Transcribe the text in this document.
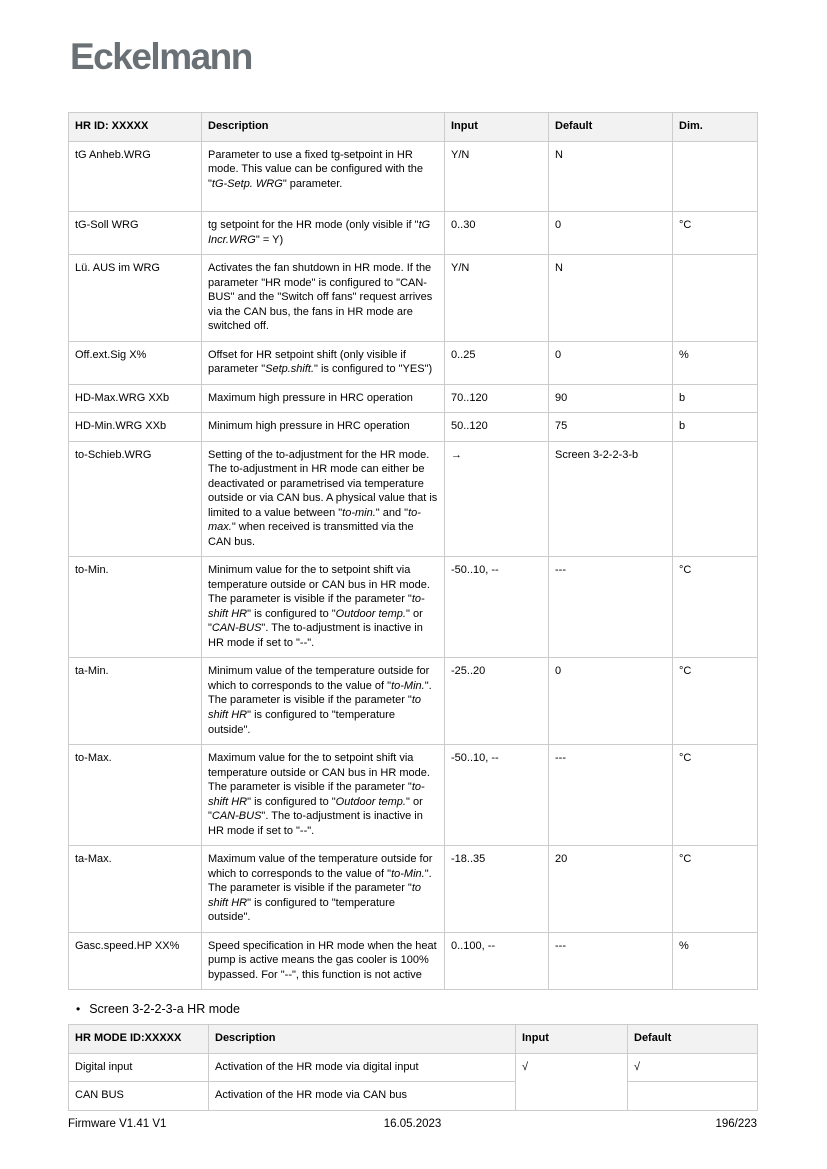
Eckelmann
HR ID: XXXXX	Description	Input	Default	Dim.
tG Anheb.WRG	Parameter to use a fixed tg-setpoint in HR mode. This value can be configured with the "tG-Setp. WRG" parameter.	Y/N	N	
tG-Soll WRG	tg setpoint for the HR mode (only visible if "tG Incr.WRG" = Y)	0..30	0	°C
Lü. AUS im WRG	Activates the fan shutdown in HR mode. If the parameter "HR mode" is configured to "CAN-BUS" and the "Switch off fans" request arrives via the CAN bus, the fans in HR mode are switched off.	Y/N	N	
Off.ext.Sig X%	Offset for HR setpoint shift (only visible if parameter "Setp.shift." is configured to "YES")	0..25	0	%
HD-Max.WRG XXb	Maximum high pressure in HRC operation	70..120	90	b
HD-Min.WRG XXb	Minimum high pressure in HRC operation	50..120	75	b
to-Schieb.WRG	Setting of the to-adjustment for the HR mode. The to-adjustment in HR mode can either be deactivated or parametrised via temperature outside or via CAN bus. A physical value that is limited to a value between "to-min." and "to-max." when received is transmitted via the CAN bus.	→	Screen 3-2-2-3-b	
to-Min.	Minimum value for the to setpoint shift via temperature outside or CAN bus in HR mode. The parameter is visible if the parameter "to-shift HR" is configured to "Outdoor temp." or "CAN-BUS". The to-adjustment is inactive in HR mode if set to "--".	-50..10, --	---	°C
ta-Min.	Minimum value of the temperature outside for which to corresponds to the value of "to-Min.". The parameter is visible if the parameter "to shift HR" is configured to "temperature outside".	-25..20	0	°C
to-Max.	Maximum value for the to setpoint shift via temperature outside or CAN bus in HR mode. The parameter is visible if the parameter "to-shift HR" is configured to "Outdoor temp." or "CAN-BUS". The to-adjustment is inactive in HR mode if set to "--".	-50..10, --	---	°C
ta-Max.	Maximum value of the temperature outside for which to corresponds to the value of "to-Min.". The parameter is visible if the parameter "to shift HR" is configured to "temperature outside".	-18..35	20	°C
Gasc.speed.HP XX%	Speed specification in HR mode when the heat pump is active means the gas cooler is 100% bypassed. For "--", this function is not active	0..100, --	---	%
• Screen 3-2-2-3-a HR mode
HR MODE ID:XXXXX	Description	Input	Default
Digital input	Activation of the HR mode via digital input	√	√
CAN BUS	Activation of the HR mode via CAN bus		
Firmware V1.41 V1	16.05.2023	196/223
